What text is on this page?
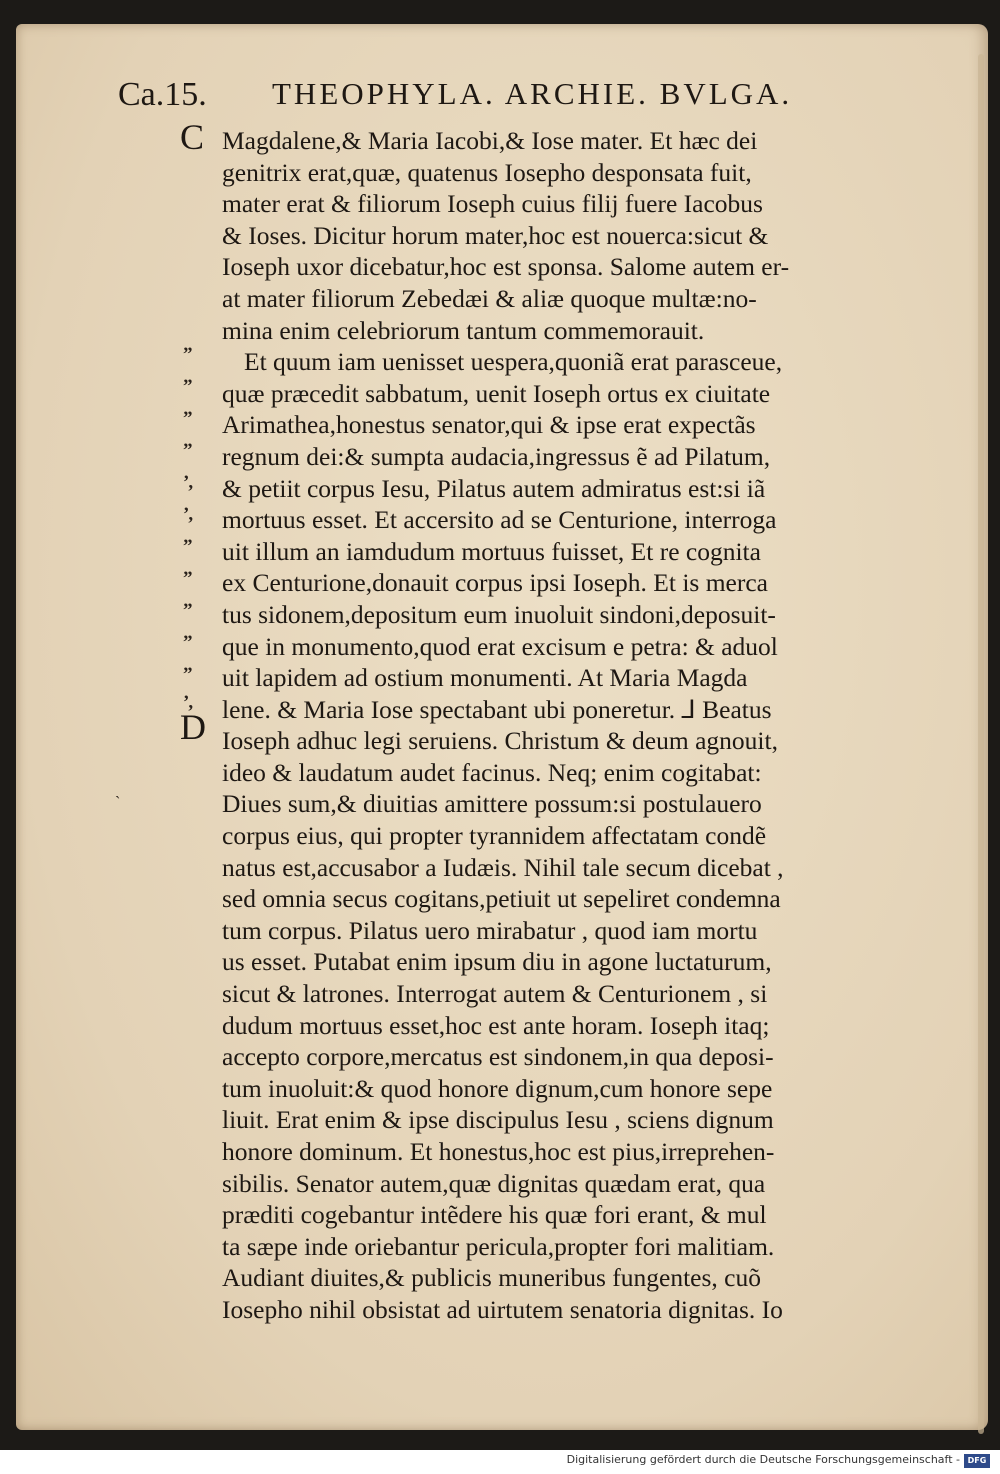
Ca.15. THEOPHYLA. ARCHIE. BVLGA.
C
D
”
”
”
”
’,
’,
”
”
”
”
”
’,
ˎ
Magdalene,& Maria Iacobi,& Iose mater. Et hæc dei
genitrix erat,quæ, quatenus Iosepho desponsata fuit,
mater erat & filiorum Ioseph cuius filij fuere Iacobus
& Ioses. Dicitur horum mater,hoc est nouerca:sicut &
Ioseph uxor dicebatur,hoc est sponsa. Salome autem er-
at mater filiorum Zebedæi & aliæ quoque multæ:no-
mina enim celebriorum tantum commemorauit.
Et quum iam uenisset uespera,quoniã erat parasceue,
quæ præcedit sabbatum, uenit Ioseph ortus ex ciuitate
Arimathea,honestus senator,qui & ipse erat expectãs
regnum dei:& sumpta audacia,ingressus ẽ ad Pilatum,
& petiit corpus Iesu, Pilatus autem admiratus est:si iã
mortuus esset. Et accersito ad se Centurione, interroga
uit illum an iamdudum mortuus fuisset, Et re cognita
ex Centurione,donauit corpus ipsi Ioseph. Et is merca
tus sidonem,depositum eum inuoluit sindoni,deposuit-
que in monumento,quod erat excisum e petra: & aduol
uit lapidem ad ostium monumenti. At Maria Magda
lene. & Maria Iose spectabant ubi poneretur. ⅃ Beatus
Ioseph adhuc legi seruiens. Christum & deum agnouit,
ideo & laudatum audet facinus. Neq; enim cogitabat:
Diues sum,& diuitias amittere possum:si postulauero
corpus eius, qui propter tyrannidem affectatam condẽ
natus est,accusabor a Iudæis. Nihil tale secum dicebat ,
sed omnia secus cogitans,petiuit ut sepeliret condemna
tum corpus. Pilatus uero mirabatur , quod iam mortu
us esset. Putabat enim ipsum diu in agone luctaturum,
sicut & latrones. Interrogat autem & Centurionem , si
dudum mortuus esset,hoc est ante horam. Ioseph itaq;
accepto corpore,mercatus est sindonem,in qua deposi-
tum inuoluit:& quod honore dignum,cum honore sepe
liuit. Erat enim & ipse discipulus Iesu , sciens dignum
honore dominum. Et honestus,hoc est pius,irreprehen-
sibilis. Senator autem,quæ dignitas quædam erat, qua
præditi cogebantur intẽdere his quæ fori erant, & mul
ta sæpe inde oriebantur pericula,propter fori malitiam.
Audiant diuites,& publicis muneribus fungentes, cuõ
Iosepho nihil obsistat ad uirtutem senatoria dignitas. Io
Digitalisierung gefördert durch die Deutsche Forschungsgemeinschaft - DFG
